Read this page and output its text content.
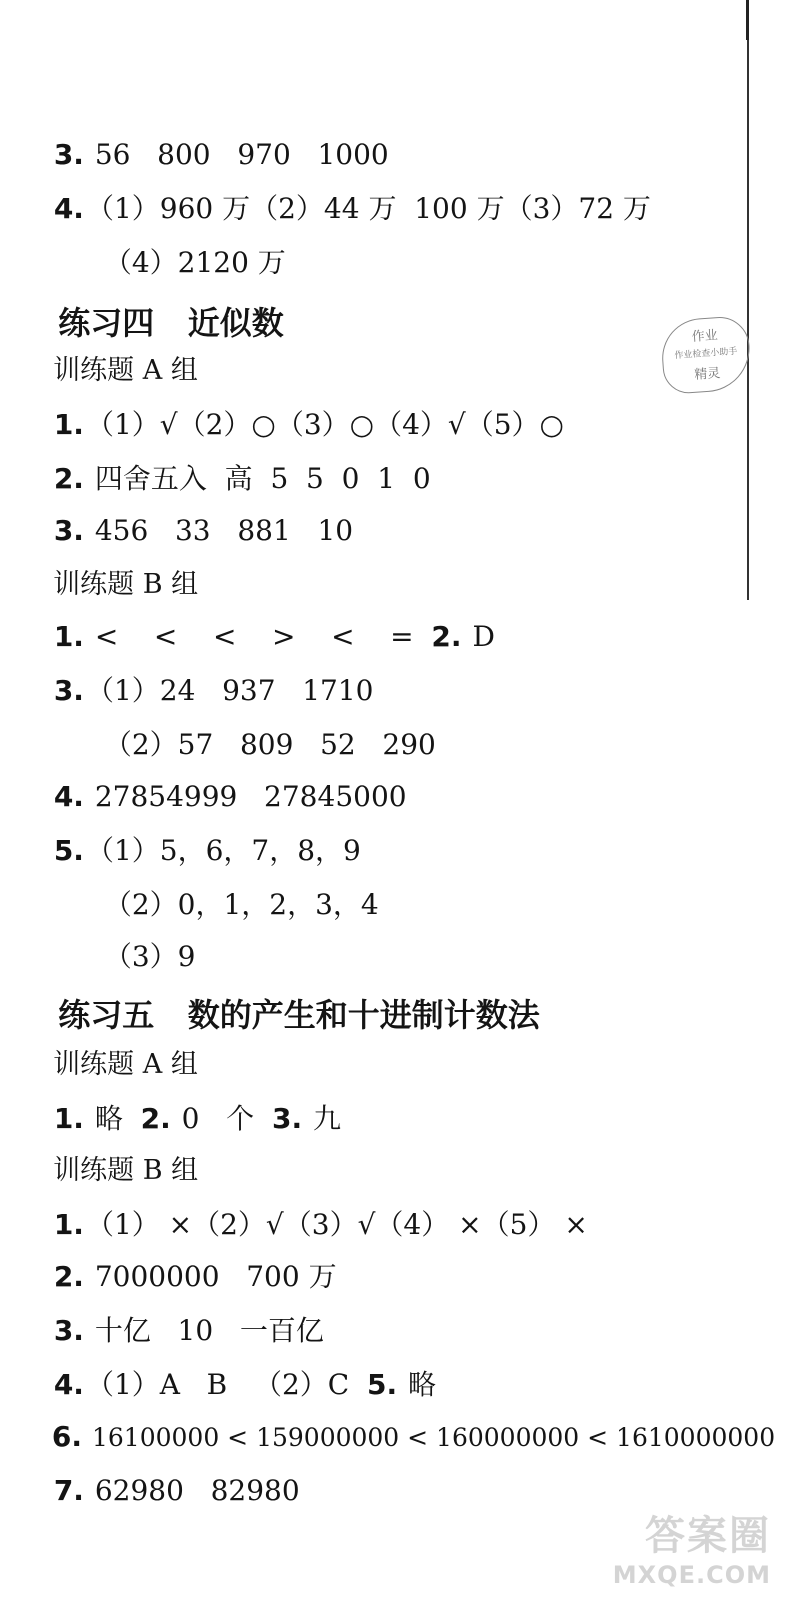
3. 56   800   970   1000

4.（1）960 万（2）44 万  100 万（3）72 万

（4）2120 万

练习四   近似数

训练题 A 组

1.（1）√（2）○（3）○（4）√（5）○

2. 四舍五入  高  5  5  0  1  0

3. 456   33   881   10

训练题 B 组

1. <    <    <    >    <    =  2. D

3.（1）24   937   1710

（2）57   809   52   290

4. 27854999   27845000

5.（1）5，6，7，8，9

（2）0，1，2，3，4

（3）9

练习五   数的产生和十进制计数法

训练题 A 组

1. 略  2. 0   个  3. 九

训练题 B 组

1.（1） ×（2）√（3）√（4） ×（5） ×

2. 7000000   700 万

3. 十亿   10   一百亿

4.（1）A   B   （2）C  5. 略

6. 16100000 < 159000000 < 160000000 < 1610000000

7. 62980   82980

作业
作业检查小助手
精灵
答案圈
MXQE.COM
